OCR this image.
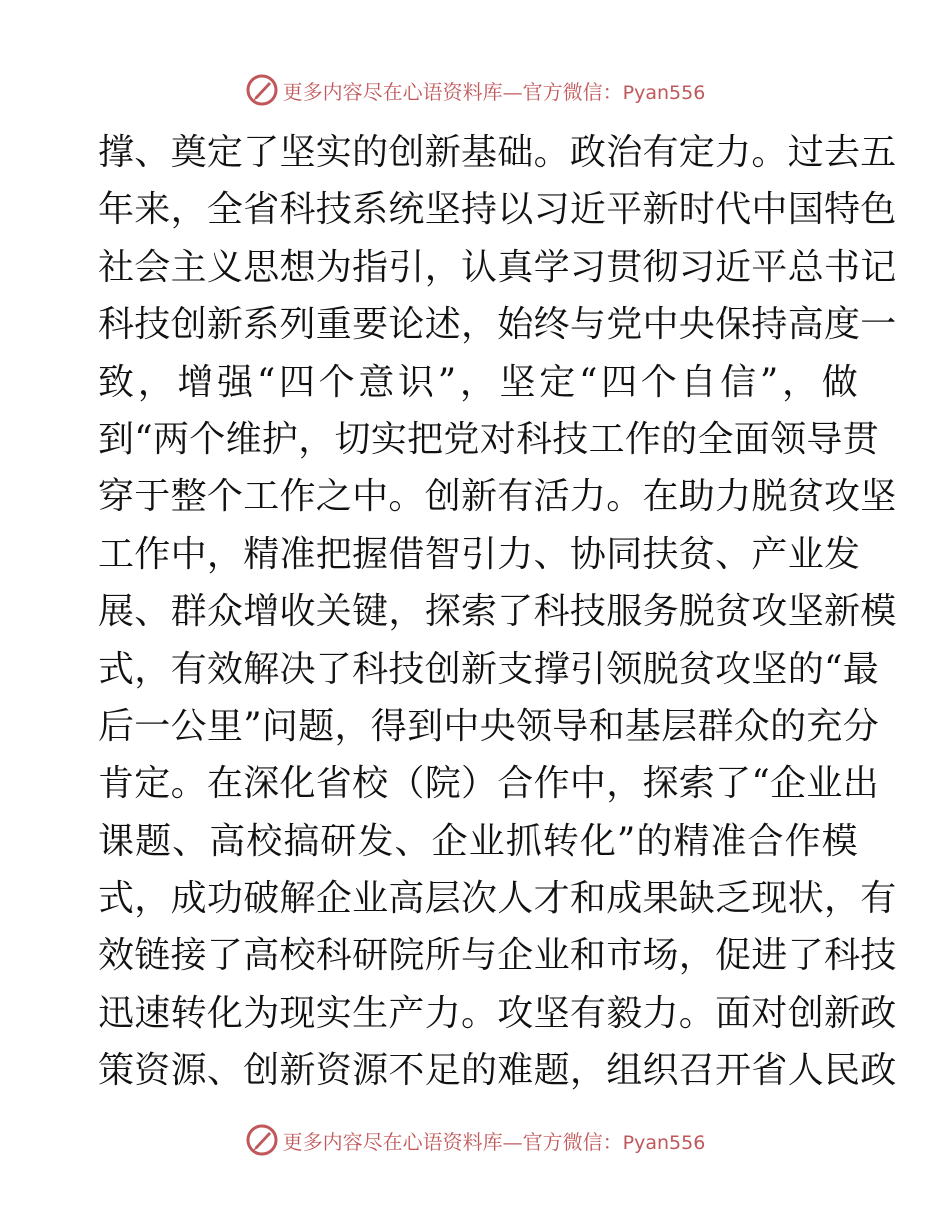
更多内容尽在心语资料库—官方微信：Pyan556
撑、奠定了坚实的创新基础。政治有定力。过去五
年来，全省科技系统坚持以习近平新时代中国特色
社会主义思想为指引，认真学习贯彻习近平总书记
科技创新系列重要论述，始终与党中央保持高度一
致，增强“四个意识”，坚定“四个自信”，做
到“两个维护，切实把党对科技工作的全面领导贯
穿于整个工作之中。创新有活力。在助力脱贫攻坚
工作中，精准把握借智引力、协同扶贫、产业发
展、群众增收关键，探索了科技服务脱贫攻坚新模
式，有效解决了科技创新支撑引领脱贫攻坚的“最
后一公里”问题，得到中央领导和基层群众的充分
肯定。在深化省校（院）合作中，探索了“企业出
课题、高校搞研发、企业抓转化”的精准合作模
式，成功破解企业高层次人才和成果缺乏现状，有
效链接了高校科研院所与企业和市场，促进了科技
迅速转化为现实生产力。攻坚有毅力。面对创新政
策资源、创新资源不足的难题，组织召开省人民政
更多内容尽在心语资料库—官方微信：Pyan556
